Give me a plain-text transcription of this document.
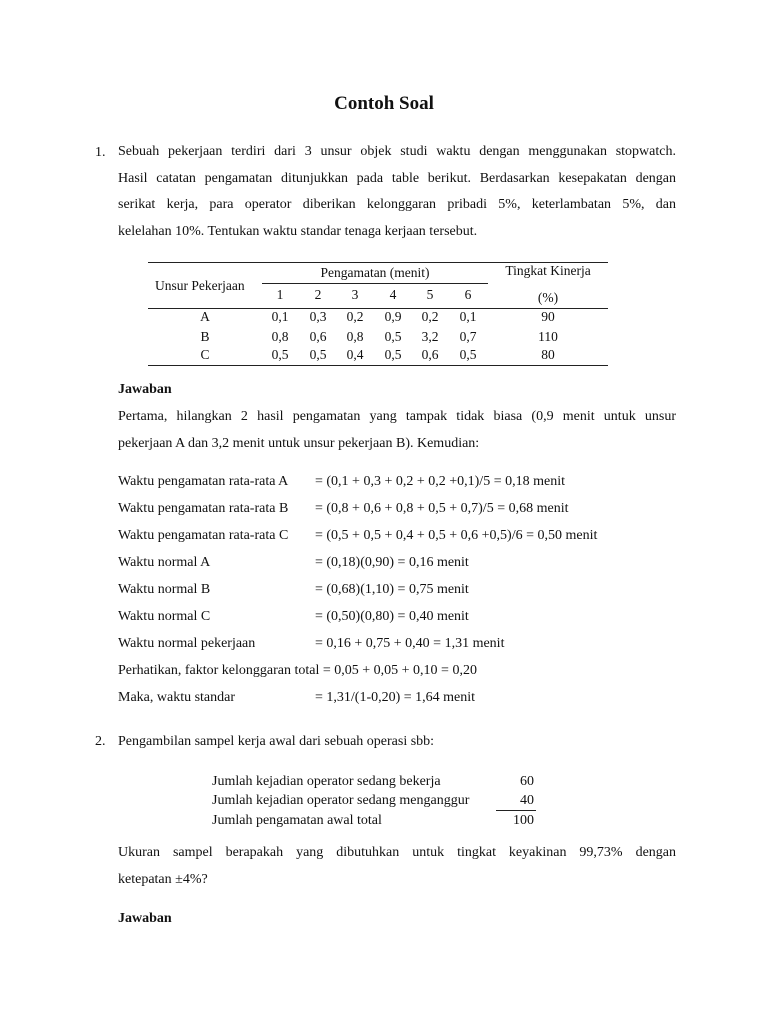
Contoh Soal
1. Sebuah pekerjaan terdiri dari 3 unsur objek studi waktu dengan menggunakan stopwatch.
Hasil catatan pengamatan ditunjukkan pada table berikut. Berdasarkan kesepakatan dengan
serikat kerja, para operator diberikan kelonggaran pribadi 5%, keterlambatan 5%, dan
kelelahan 10%. Tentukan waktu standar tenaga kerjaan tersebut.
Unsur Pekerjaan
Pengamatan (menit)	Tingkat Kinerja
(%)
1	2	3	4	5	6
A	0,1	0,3	0,2	0,9	0,2	0,1	90
B	0,8	0,6	0,8	0,5	3,2	0,7	110
C	0,5	0,5	0,4	0,5	0,6	0,5	80
Jawaban
Pertama, hilangkan 2 hasil pengamatan yang tampak tidak biasa (0,9 menit untuk unsur
pekerjaan A dan 3,2 menit untuk unsur pekerjaan B). Kemudian:
Waktu pengamatan rata-rata A = (0,1 + 0,3 + 0,2 + 0,2 +0,1)/5 = 0,18 menit
Waktu pengamatan rata-rata B = (0,8 + 0,6 + 0,8 + 0,5 + 0,7)/5 = 0,68 menit
Waktu pengamatan rata-rata C = (0,5 + 0,5 + 0,4 + 0,5 + 0,6 +0,5)/6 = 0,50 menit
Waktu normal A	= (0,18)(0,90) = 0,16 menit
Waktu normal B	= (0,68)(1,10) = 0,75 menit
Waktu normal C	= (0,50)(0,80) = 0,40 menit
Waktu normal pekerjaan	= 0,16 + 0,75 + 0,40 = 1,31 menit
Perhatikan, faktor kelonggaran total = 0,05 + 0,05 + 0,10 = 0,20
Maka, waktu standar	= 1,31/(1-0,20) = 1,64 menit
2. Pengambilan sampel kerja awal dari sebuah operasi sbb:
Jumlah kejadian operator sedang bekerja	60
Jumlah kejadian operator sedang menganggur	40
Jumlah pengamatan awal total	100
Ukuran sampel berapakah yang dibutuhkan untuk tingkat keyakinan 99,73% dengan
ketepatan ±4%?
Jawaban
